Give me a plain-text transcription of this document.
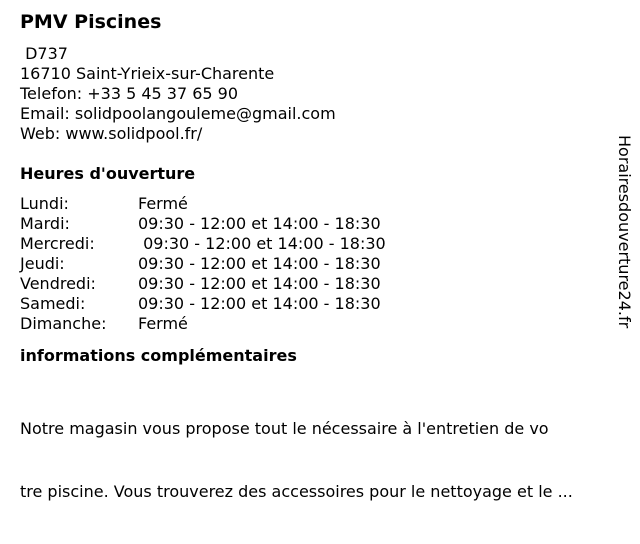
PMV Piscines
D737
16710 Saint-Yrieix-sur-Charente
Telefon: +33 5 45 37 65 90
Email: solidpoolangouleme@gmail.com
Web: www.solidpool.fr/
Heures d'ouverture
Lundi:	Fermé
Mardi:	09:30 - 12:00 et 14:00 - 18:30
Mercredi:	09:30 - 12:00 et 14:00 - 18:30
Jeudi:	09:30 - 12:00 et 14:00 - 18:30
Vendredi:	09:30 - 12:00 et 14:00 - 18:30
Samedi:	09:30 - 12:00 et 14:00 - 18:30
Dimanche:	Fermé
informations complémentaires

Notre magasin vous propose tout le nécessaire à l'entretien de vo

tre piscine. Vous trouverez des accessoires pour le nettoyage et le ...

Horairesdouverture24.fr
